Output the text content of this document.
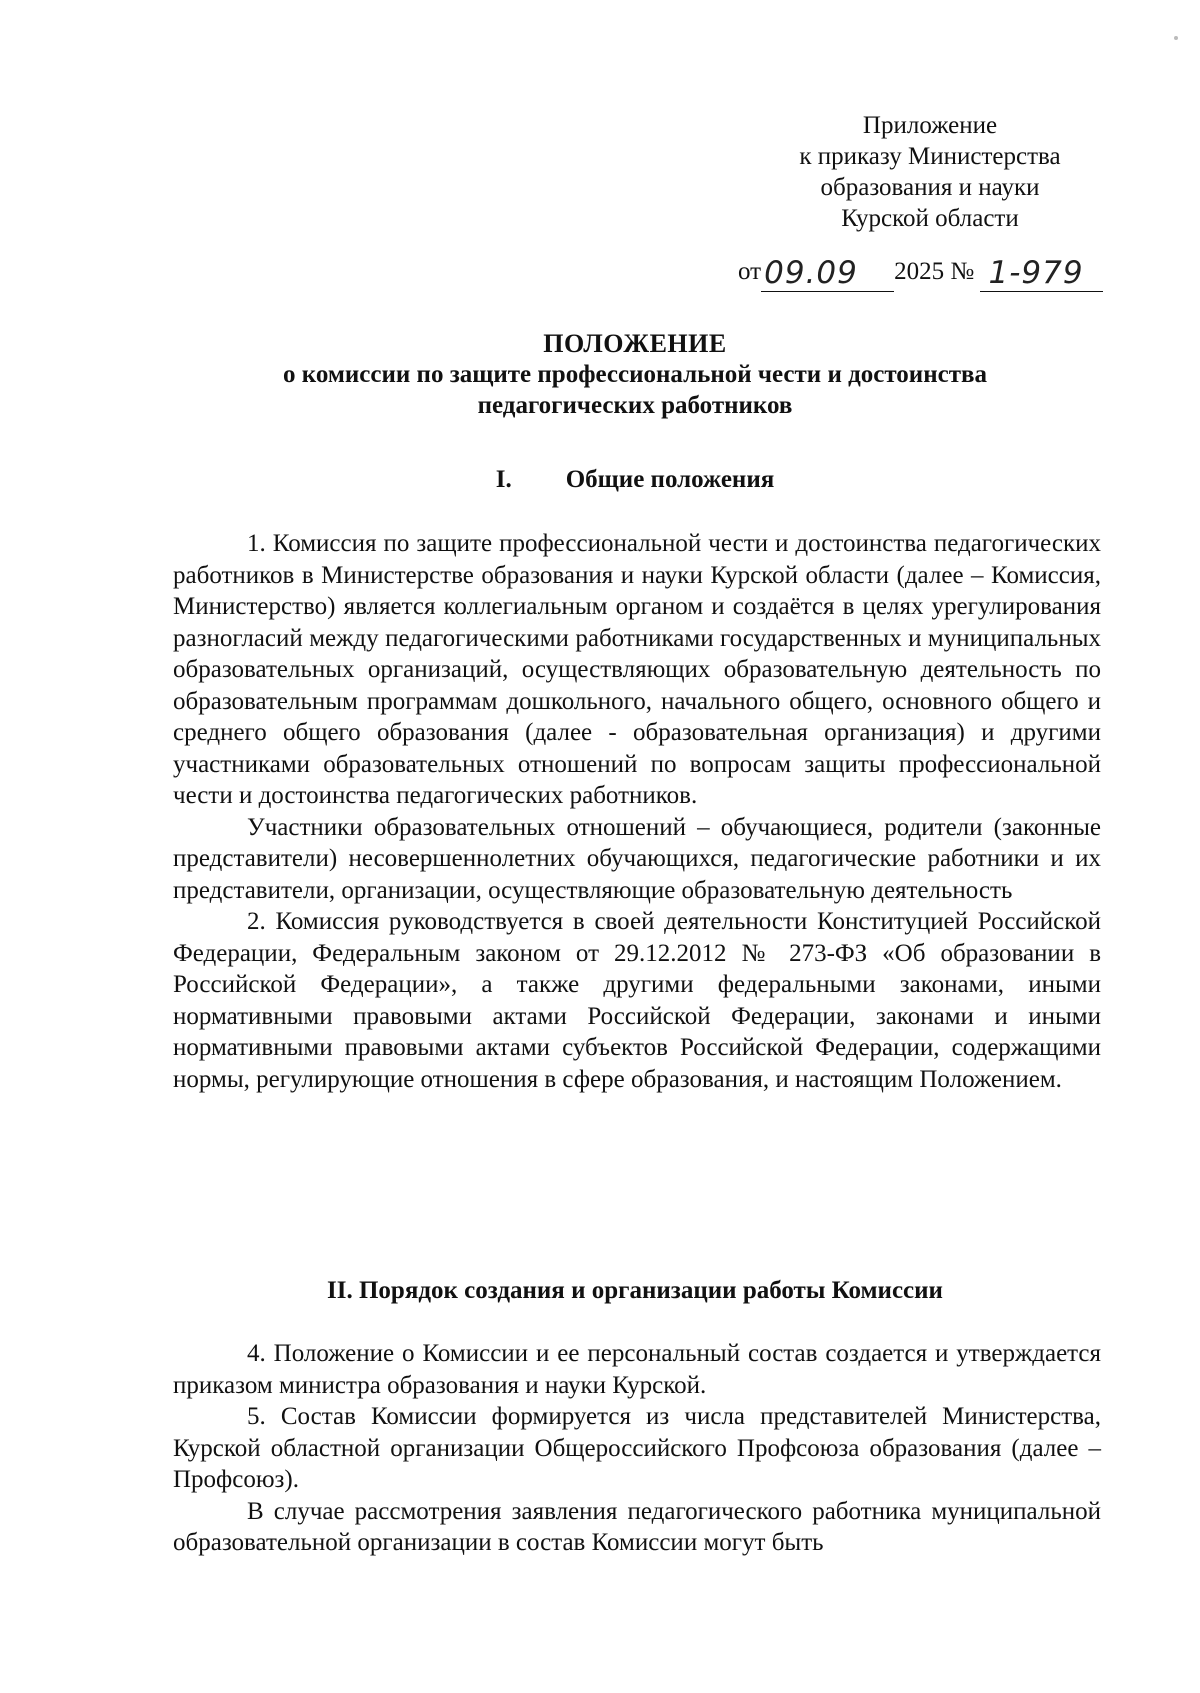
Приложение
к приказу Министерства
образования и науки
Курской области
от09.09 2025 № 1-979
ПОЛОЖЕНИЕ
о комиссии по защите профессиональной чести и достоинства
педагогических работников
I. Общие положения

1. Комиссия по защите профессиональной чести и достоинства педагогических работников в Министерстве образования и науки Курской области (далее – Комиссия, Министерство) является коллегиальным органом и создаётся в целях урегулирования разногласий между педагогическими работниками государственных и муниципальных образовательных организаций, осуществляющих образовательную деятельность по образовательным программам дошкольного, начального общего, основного общего и среднего общего образования (далее - образовательная организация) и другими участниками образовательных отношений по вопросам защиты профессиональной чести и достоинства педагогических работников.

Участники образовательных отношений – обучающиеся, родители (законные представители) несовершеннолетних обучающихся, педагогические работники и их представители, организации, осуществляющие образовательную деятельность

2. Комиссия руководствуется в своей деятельности Конституцией Российской Федерации, Федеральным законом от 29.12.2012 № 273-ФЗ «Об образовании в Российской Федерации», а также другими федеральными законами, иными нормативными правовыми актами Российской Федерации, законами и иными нормативными правовыми актами субъектов Российской Федерации, содержащими нормы, регулирующие отношения в сфере образования, и настоящим Положением.

II. Порядок создания и организации работы Комиссии

4. Положение о Комиссии и ее персональный состав создается и утверждается приказом министра образования и науки Курской.

5. Состав Комиссии формируется из числа представителей Министерства, Курской областной организации Общероссийского Профсоюза образования (далее – Профсоюз).

В случае рассмотрения заявления педагогического работника муниципальной образовательной организации в состав Комиссии могут быть
